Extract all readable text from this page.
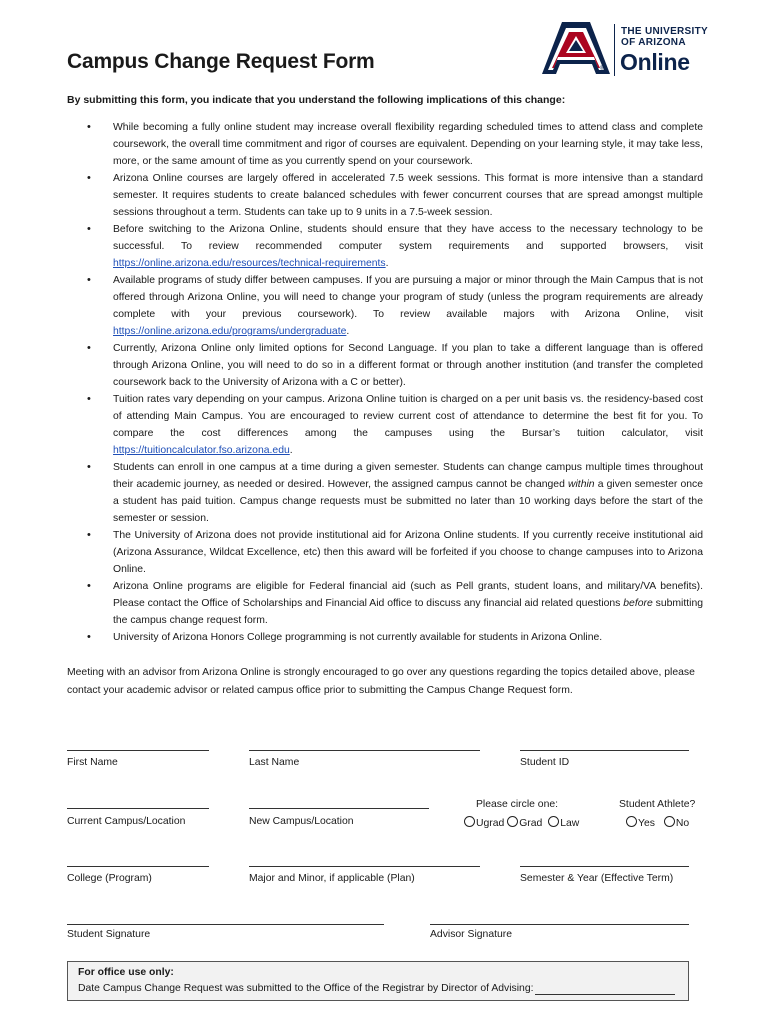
Campus Change Request Form	®
THE UNIVERSITY
OF ARIZONA
Online
By submitting this form, you indicate that you understand the following implications of this change:
• While becoming a fully online student may increase overall flexibility regarding scheduled times to attend class and complete coursework, the overall time commitment and rigor of courses are equivalent. Depending on your learning style, it may take less, more, or the same amount of time as you currently spend on your coursework.
• Arizona Online courses are largely offered in accelerated 7.5 week sessions. This format is more intensive than a standard semester. It requires students to create balanced schedules with fewer concurrent courses that are spread amongst multiple sessions throughout a term. Students can take up to 9 units in a 7.5-week session.
• Before switching to the Arizona Online, students should ensure that they have access to the necessary technology to be successful. To review recommended computer system requirements and supported browsers, visit https://online.arizona.edu/resources/technical-requirements.
• Available programs of study differ between campuses. If you are pursuing a major or minor through the Main Campus that is not offered through Arizona Online, you will need to change your program of study (unless the program requirements are already complete with your previous coursework). To review available majors with Arizona Online, visit https://online.arizona.edu/programs/undergraduate.
• Currently, Arizona Online only limited options for Second Language. If you plan to take a different language than is offered through Arizona Online, you will need to do so in a different format or through another institution (and transfer the completed coursework back to the University of Arizona with a C or better).
• Tuition rates vary depending on your campus. Arizona Online tuition is charged on a per unit basis vs. the residency-based cost of attending Main Campus. You are encouraged to review current cost of attendance to determine the best fit for you. To compare the cost differences among the campuses using the Bursar’s tuition calculator, visit https://tuitioncalculator.fso.arizona.edu.
• Students can enroll in one campus at a time during a given semester. Students can change campus multiple times throughout their academic journey, as needed or desired. However, the assigned campus cannot be changed within a given semester once a student has paid tuition. Campus change requests must be submitted no later than 10 working days before the start of the semester or session.
• The University of Arizona does not provide institutional aid for Arizona Online students. If you currently receive institutional aid (Arizona Assurance, Wildcat Excellence, etc) then this award will be forfeited if you choose to change campuses into to Arizona Online.
• Arizona Online programs are eligible for Federal financial aid (such as Pell grants, student loans, and military/VA benefits). Please contact the Office of Scholarships and Financial Aid office to discuss any financial aid related questions before submitting the campus change request form.
• University of Arizona Honors College programming is not currently available for students in Arizona Online.
Meeting with an advisor from Arizona Online is strongly encouraged to go over any questions regarding the topics detailed above, please contact your academic advisor or related campus office prior to submitting the Campus Change Request form.
First Name	Last Name	Student ID
Current Campus/Location	New Campus/Location
Please circle one:
Ugrad Grad Law
Student Athlete?
Yes No
College (Program)	Major and Minor, if applicable (Plan)	Semester & Year (Effective Term)
Student Signature	Advisor Signature
For office use only:
Date Campus Change Request was submitted to the Office of the Registrar by Director of Advising:
